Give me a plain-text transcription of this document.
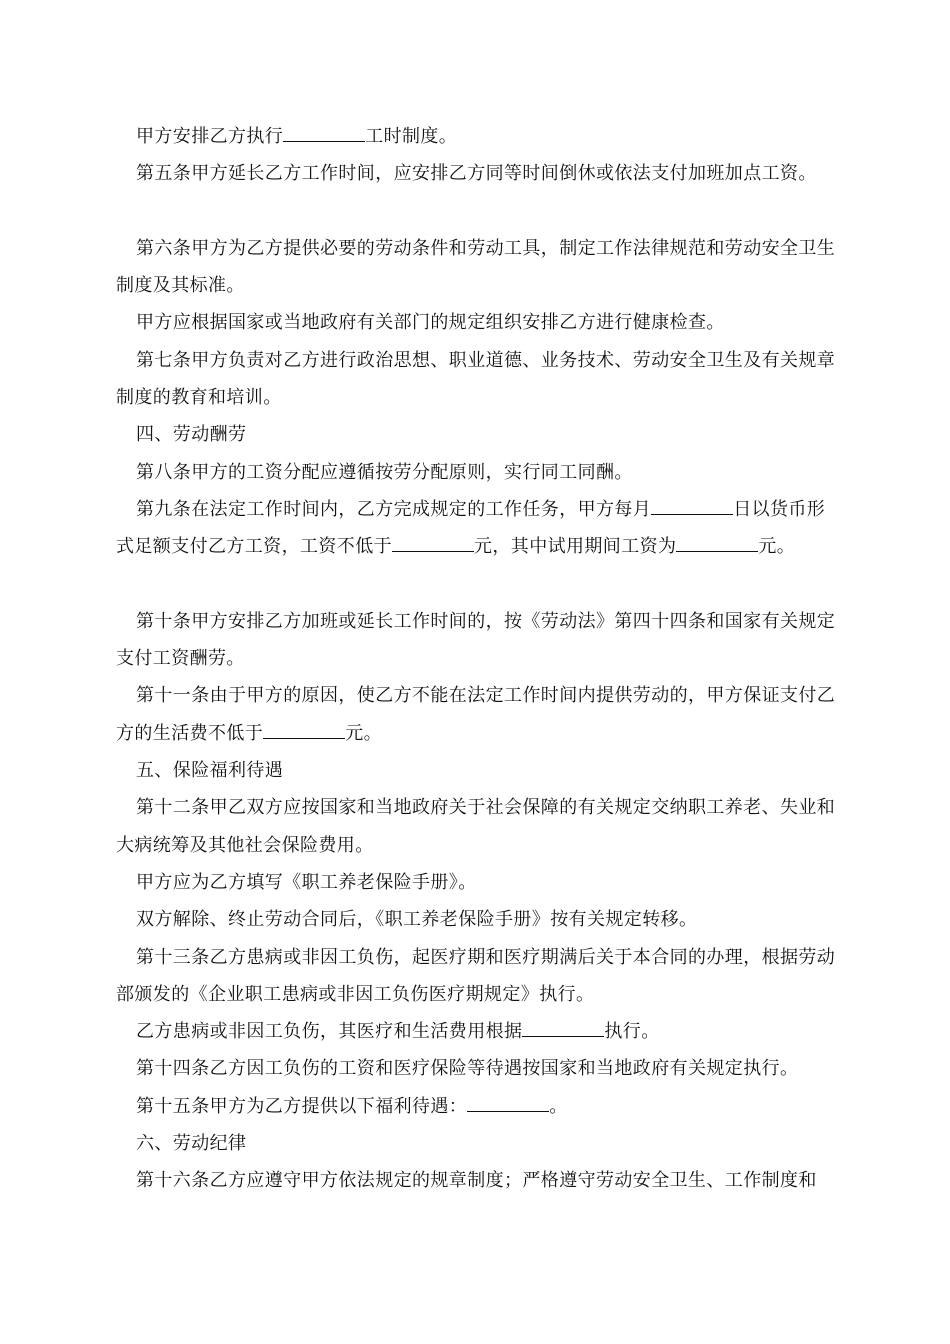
甲方安排乙方执行	工时制度。
第五条甲方延长乙方工作时间，应安排乙方同等时间倒休或依法支付加班加点工资。
第六条甲方为乙方提供必要的劳动条件和劳动工具，制定工作法律规范和劳动安全卫生制度及其标准。
甲方应根据国家或当地政府有关部门的规定组织安排乙方进行健康检查。
第七条甲方负责对乙方进行政治思想、职业道德、业务技术、劳动安全卫生及有关规章制度的教育和培训。
四、劳动酬劳
第八条甲方的工资分配应遵循按劳分配原则，实行同工同酬。
第九条在法定工作时间内，乙方完成规定的工作任务，甲方每月	日以货币形式足额支付乙方工资，工资不低于	元，其中试用期间工资为	元。
第十条甲方安排乙方加班或延长工作时间的，按《劳动法》第四十四条和国家有关规定支付工资酬劳。
第十一条由于甲方的原因，使乙方不能在法定工作时间内提供劳动的，甲方保证支付乙方的生活费不低于	元。
五、保险福利待遇
第十二条甲乙双方应按国家和当地政府关于社会保障的有关规定交纳职工养老、失业和大病统筹及其他社会保险费用。
甲方应为乙方填写《职工养老保险手册》。
双方解除、终止劳动合同后，《职工养老保险手册》按有关规定转移。
第十三条乙方患病或非因工负伤，起医疗期和医疗期满后关于本合同的办理，根据劳动部颁发的《企业职工患病或非因工负伤医疗期规定》执行。
乙方患病或非因工负伤，其医疗和生活费用根据	执行。
第十四条乙方因工负伤的工资和医疗保险等待遇按国家和当地政府有关规定执行。
第十五条甲方为乙方提供以下福利待遇：	。
六、劳动纪律
第十六条乙方应遵守甲方依法规定的规章制度；严格遵守劳动安全卫生、工作制度和
